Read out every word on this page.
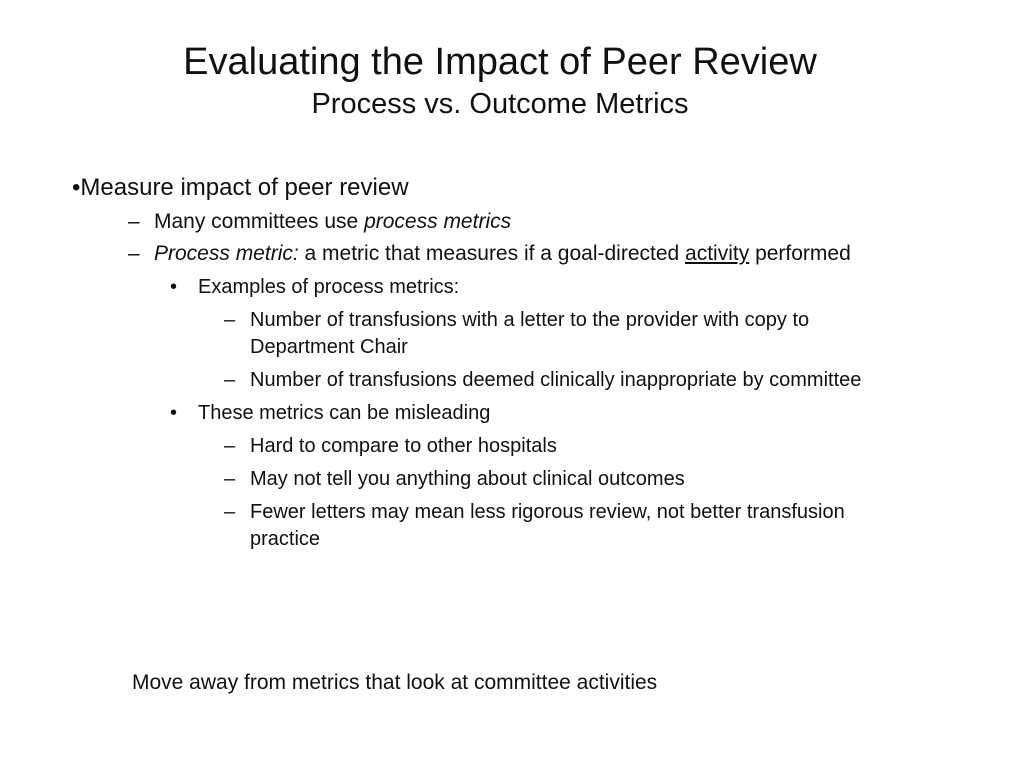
Evaluating the Impact of Peer Review
Process vs. Outcome Metrics
•Measure impact of peer review
– Many committees use process metrics
– Process metric: a metric that measures if a goal-directed activity performed
• Examples of process metrics:
– Number of transfusions with a letter to the provider with copy to Department Chair
– Number of transfusions deemed clinically inappropriate by committee
• These metrics can be misleading
– Hard to compare to other hospitals
– May not tell you anything about clinical outcomes
– Fewer letters may mean less rigorous review, not better transfusion practice
Move away from metrics that look at committee activities
